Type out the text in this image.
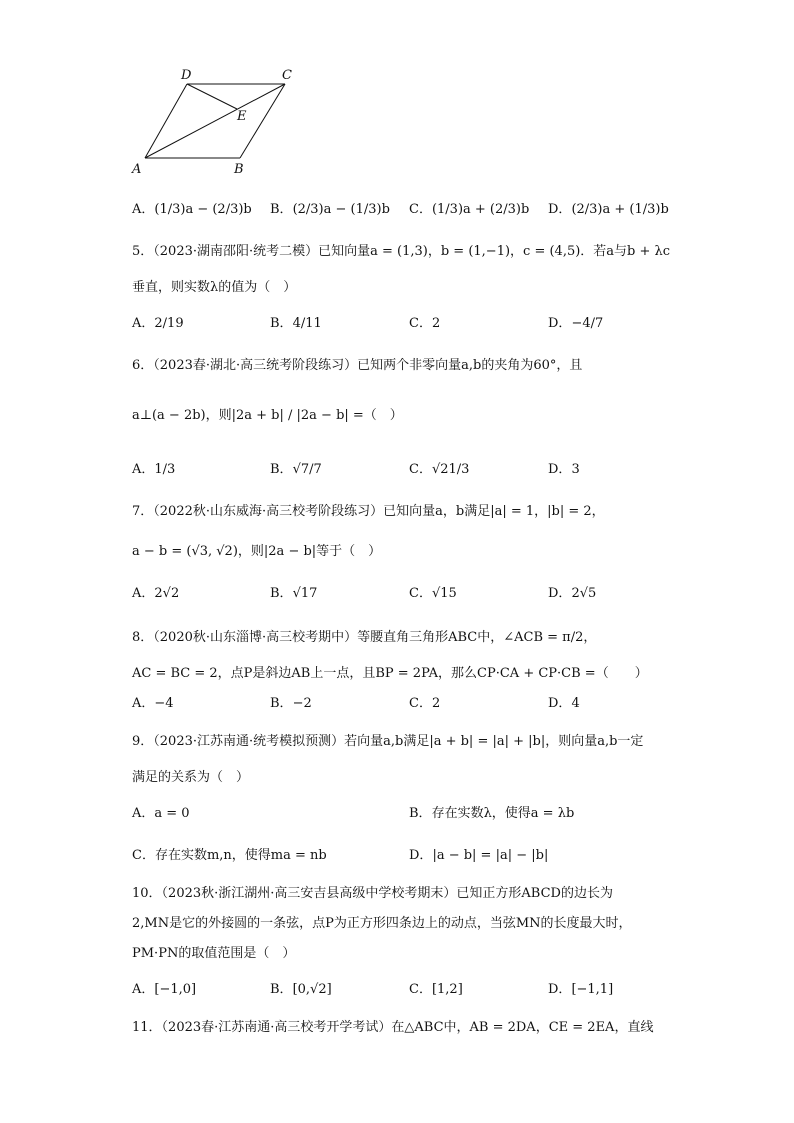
D	C
E
A	B
A．(1/3)a − (2/3)b B．(2/3)a − (1/3)b C．(1/3)a + (2/3)b D．(2/3)a + (1/3)b
5．（2023·湖南邵阳·统考二模）已知向量a = (1,3)，b = (1,−1)，c = (4,5)．若a与b + λc
垂直，则实数λ的值为（　）
A．2/19	B．4/11	C．2	D．−4/7
6．（2023春·湖北·高三统考阶段练习）已知两个非零向量a,b的夹角为60°，且
a⊥(a − 2b)，则|2a + b| / |2a − b| =（　）
A．1/3	B．√7/7	C．√21/3	D．3
7．（2022秋·山东威海·高三校考阶段练习）已知向量a，b满足|a| = 1，|b| = 2，
a − b = (√3, √2)，则|2a − b|等于（　）
A．2√2	B．√17	C．√15	D．2√5
8．（2020秋·山东淄博·高三校考期中）等腰直角三角形ABC中，∠ACB = π/2，
AC = BC = 2，点P是斜边AB上一点，且BP = 2PA，那么CP·CA + CP·CB =（　　）
A．−4	B．−2	C．2	D．4
9．（2023·江苏南通·统考模拟预测）若向量a,b满足|a + b| = |a| + |b|，则向量a,b一定
满足的关系为（　）
A．a = 0	B．存在实数λ，使得a = λb
C．存在实数m,n，使得ma = nb	D．|a − b| = |a| − |b|
10．（2023秋·浙江湖州·高三安吉县高级中学校考期末）已知正方形ABCD的边长为
2,MN是它的外接圆的一条弦，点P为正方形四条边上的动点，当弦MN的长度最大时，
PM·PN的取值范围是（　）
A．[−1,0]	B．[0,√2]	C．[1,2]	D．[−1,1]
11．（2023春·江苏南通·高三校考开学考试）在△ABC中，AB = 2DA，CE = 2EA，直线
